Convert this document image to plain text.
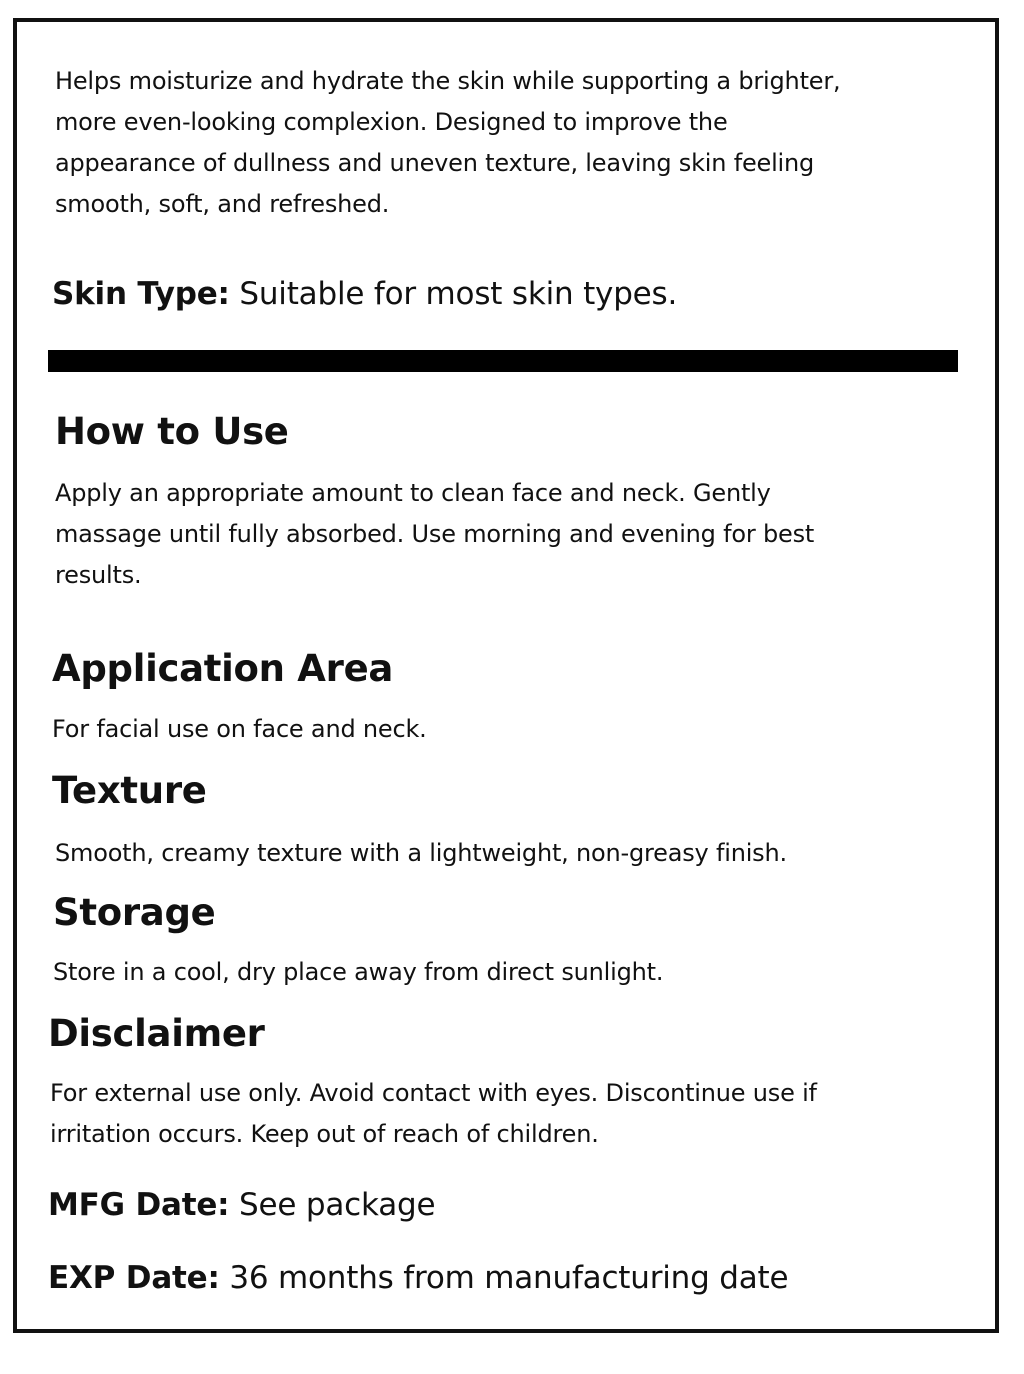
Helps moisturize and hydrate the skin while supporting a brighter,

more even-looking complexion. Designed to improve the

appearance of dullness and uneven texture, leaving skin feeling

smooth, soft, and refreshed.

Skin Type: Suitable for most skin types.

How to Use

Apply an appropriate amount to clean face and neck. Gently

massage until fully absorbed. Use morning and evening for best

results.

Application Area

For facial use on face and neck.

Texture

Smooth, creamy texture with a lightweight, non-greasy finish.

Storage

Store in a cool, dry place away from direct sunlight.

Disclaimer

For external use only. Avoid contact with eyes. Discontinue use if

irritation occurs. Keep out of reach of children.

MFG Date: See package

EXP Date: 36 months from manufacturing date
